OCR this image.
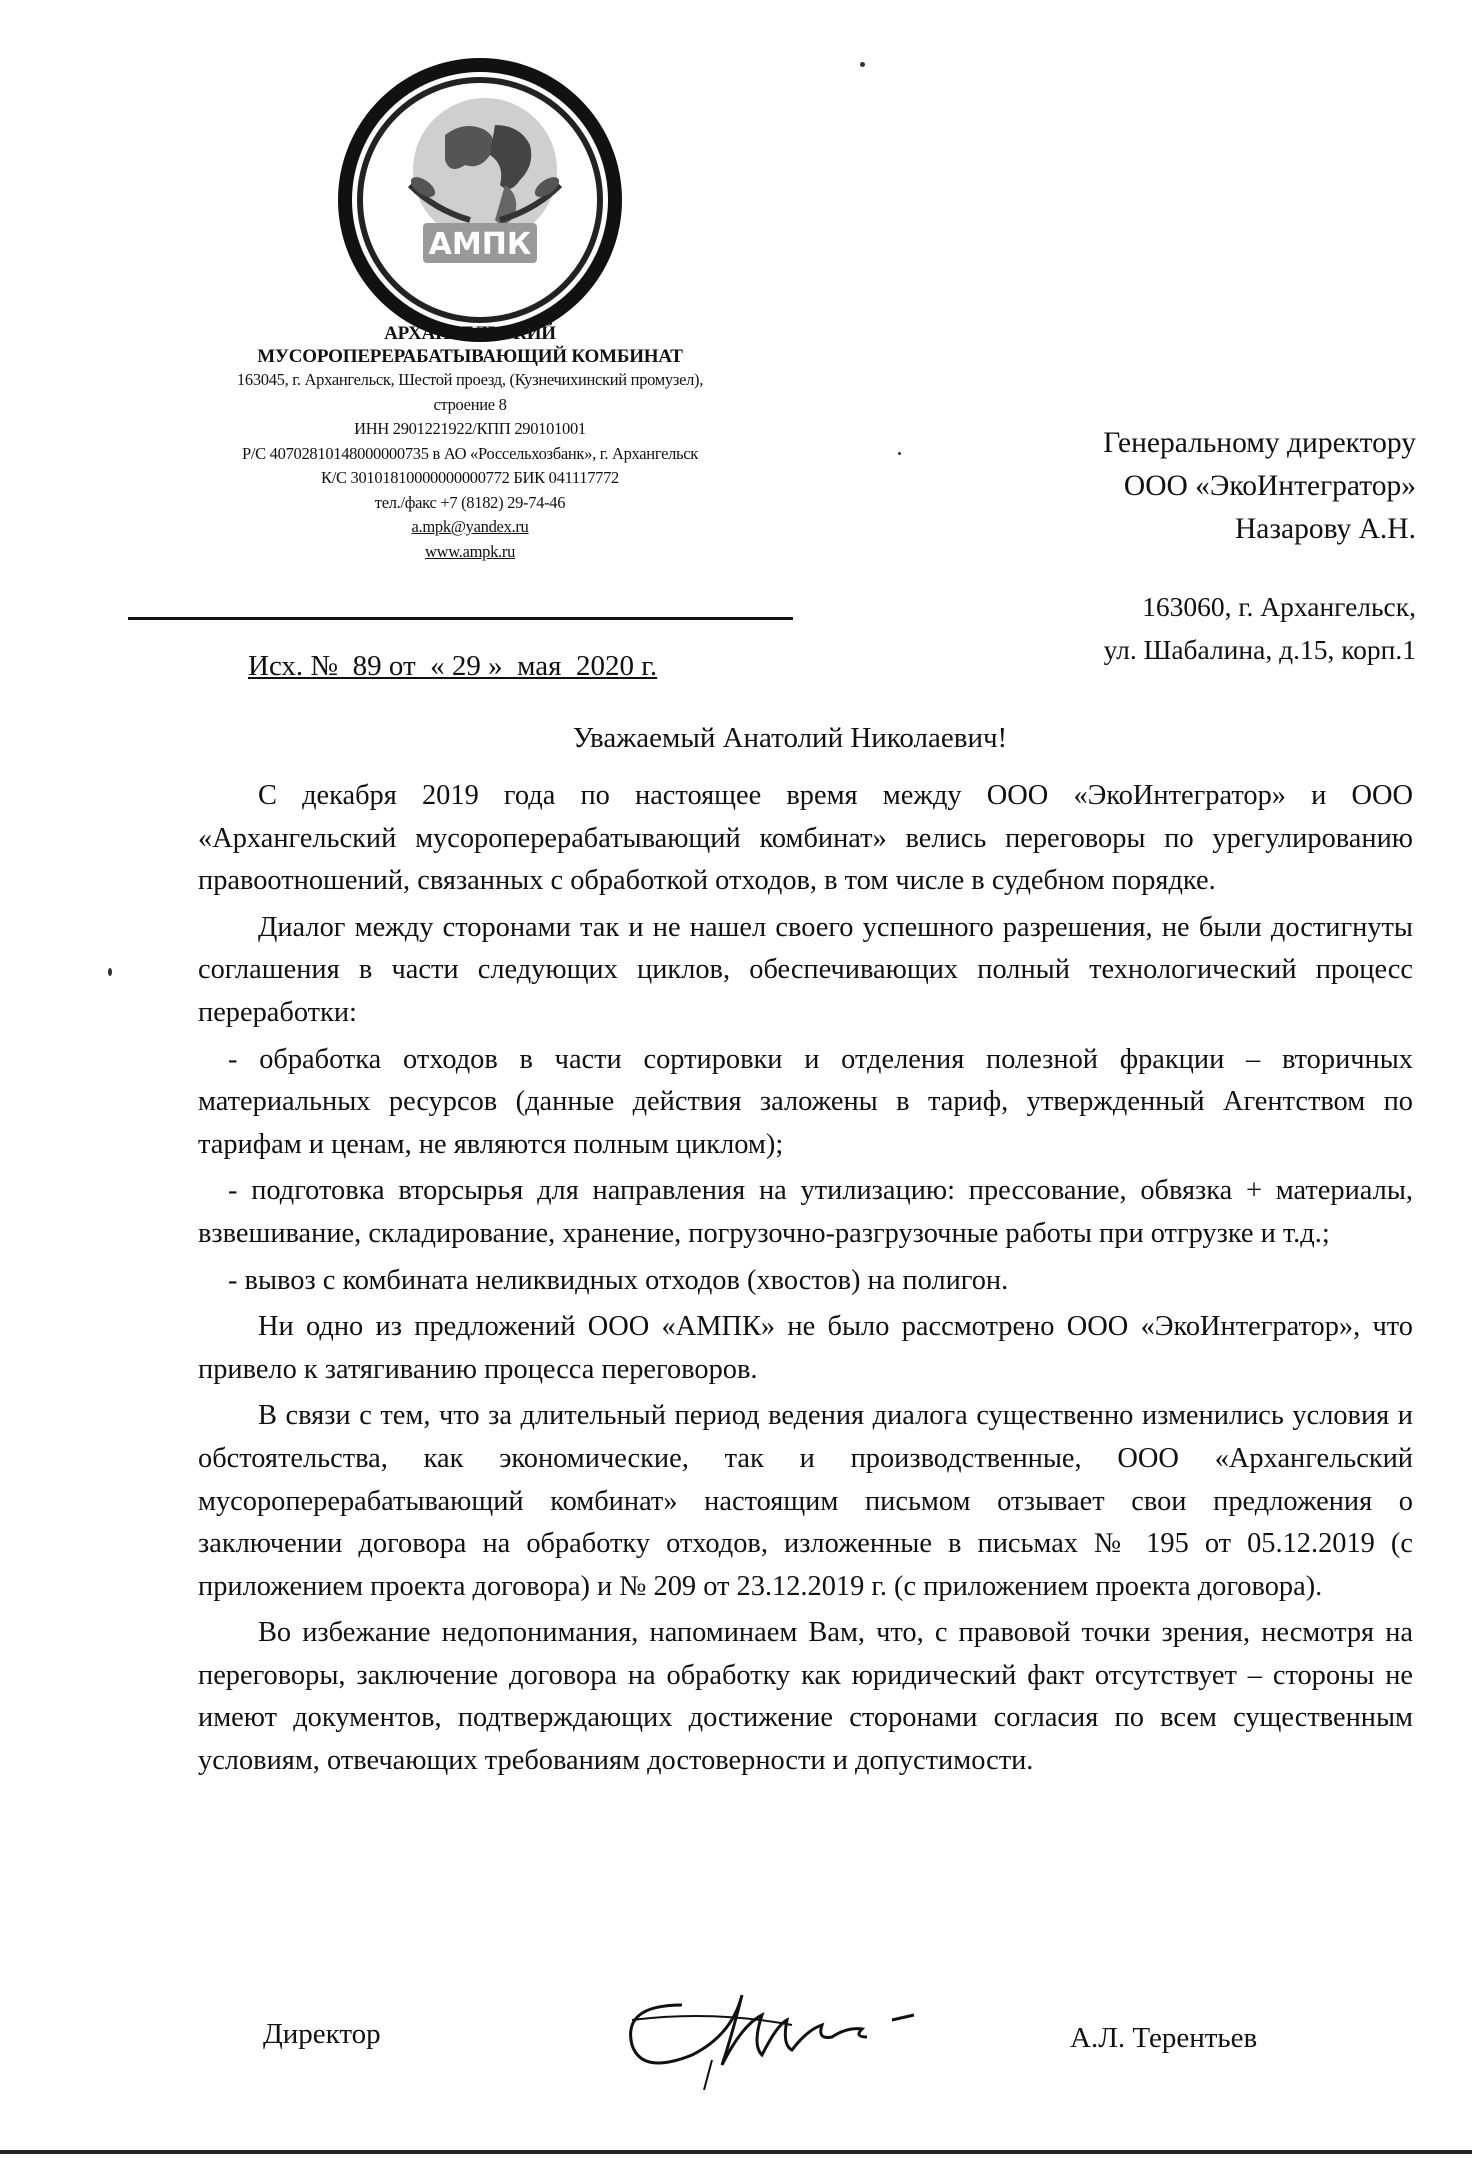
АМПК
АРХАНГЕЛЬСКИЙ
МУСОРОПЕРЕРАБАТЫВАЮЩИЙ КОМБИНАТ
163045, г. Архангельск, Шестой проезд, (Кузнечихинский промузел),
строение 8
ИНН 2901221922/КПП 290101001
Р/С 40702810148000000735 в АО «Россельхозбанк», г. Архангельск
К/С 30101810000000000772 БИК 041117772
тел./факс +7 (8182) 29-74-46
a.mpk@yandex.ru
www.ampk.ru
Исх. №  89 от  « 29 »  мая  2020 г.
Генеральному директору
ООО «ЭкоИнтегратор»
Назарову А.Н.
163060, г. Архангельск,
ул. Шабалина, д.15, корп.1
Уважаемый Анатолий Николаевич!

С декабря 2019 года по настоящее время между ООО «ЭкоИнтегратор» и ООО «Архангельский мусороперерабатывающий комбинат» велись переговоры по урегулированию правоотношений, связанных с обработкой отходов, в том числе в судебном порядке.

Диалог между сторонами так и не нашел своего успешного разрешения, не были достигнуты соглашения в части следующих циклов, обеспечивающих полный технологический процесс переработки:

- обработка отходов в части сортировки и отделения полезной фракции – вторичных материальных ресурсов (данные действия заложены в тариф, утвержденный Агентством по тарифам и ценам, не являются полным циклом);

- подготовка вторсырья для направления на утилизацию: прессование, обвязка + материалы, взвешивание, складирование, хранение, погрузочно-разгрузочные работы при отгрузке и т.д.;

- вывоз с комбината неликвидных отходов (хвостов) на полигон.

Ни одно из предложений ООО «АМПК» не было рассмотрено ООО «ЭкоИнтегратор», что привело к затягиванию процесса переговоров.

В связи с тем, что за длительный период ведения диалога существенно изменились условия и обстоятельства, как экономические, так и производственные, ООО «Архангельский мусороперерабатывающий комбинат» настоящим письмом отзывает свои предложения о заключении договора на обработку отходов, изложенные в письмах № 195 от 05.12.2019 (с приложением проекта договора) и № 209 от 23.12.2019 г. (с приложением проекта договора).

Во избежание недопонимания, напоминаем Вам, что, с правовой точки зрения, несмотря на переговоры, заключение договора на обработку как юридический факт отсутствует – стороны не имеют документов, подтверждающих достижение сторонами согласия по всем существенным условиям, отвечающих требованиям достоверности и допустимости.

Директор	А.Л. Терентьев
